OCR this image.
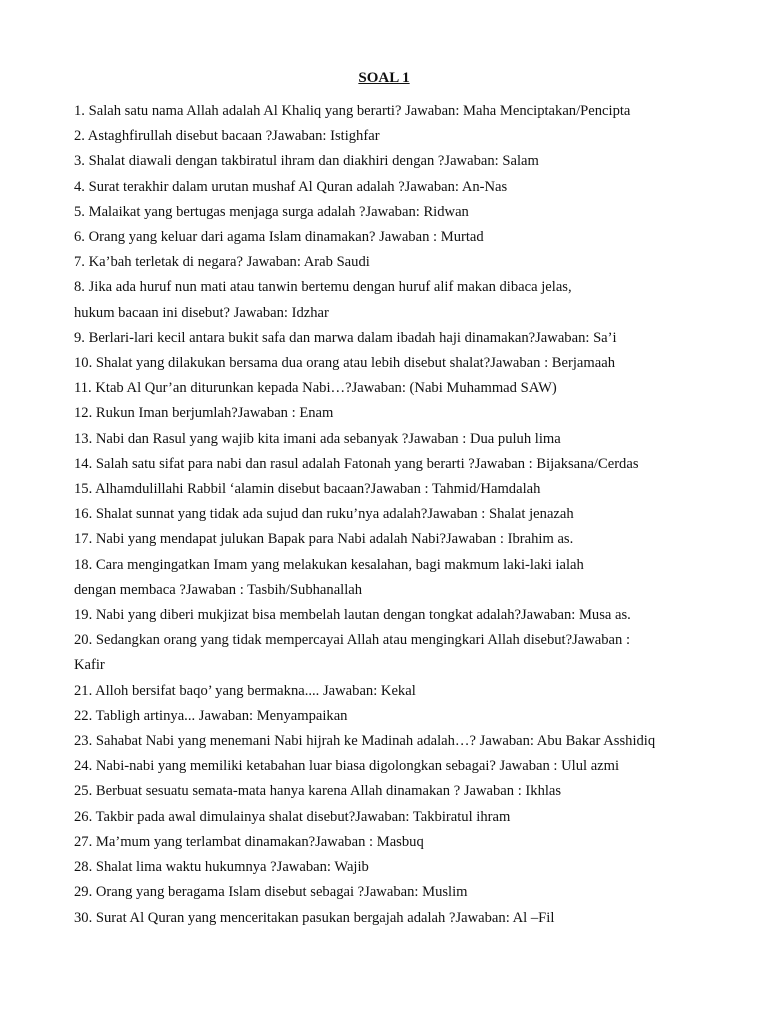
SOAL 1
1. Salah satu nama Allah adalah Al Khaliq yang berarti? Jawaban: Maha Menciptakan/Pencipta
2. Astaghfirullah disebut bacaan ?Jawaban: Istighfar
3. Shalat diawali dengan takbiratul ihram dan diakhiri dengan ?Jawaban: Salam
4. Surat terakhir dalam urutan mushaf Al Quran adalah ?Jawaban: An-Nas
5. Malaikat yang bertugas menjaga surga adalah ?Jawaban: Ridwan
6. Orang yang keluar dari agama Islam dinamakan? Jawaban : Murtad
7. Ka’bah terletak di negara? Jawaban: Arab Saudi
8. Jika ada huruf nun mati atau tanwin bertemu dengan huruf alif makan dibaca jelas,
hukum bacaan ini disebut? Jawaban: Idzhar
9. Berlari-lari kecil antara bukit safa dan marwa dalam ibadah haji dinamakan?Jawaban: Sa’i
10. Shalat yang dilakukan bersama dua orang atau lebih disebut shalat?Jawaban : Berjamaah
11. Ktab Al Qur’an diturunkan kepada Nabi…?Jawaban: (Nabi Muhammad SAW)
12. Rukun Iman berjumlah?Jawaban : Enam
13. Nabi dan Rasul yang wajib kita imani ada sebanyak ?Jawaban : Dua puluh lima
14. Salah satu sifat para nabi dan rasul adalah Fatonah yang berarti ?Jawaban : Bijaksana/Cerdas
15. Alhamdulillahi Rabbil ‘alamin disebut bacaan?Jawaban : Tahmid/Hamdalah
16. Shalat sunnat yang tidak ada sujud dan ruku’nya adalah?Jawaban : Shalat jenazah
17. Nabi yang mendapat julukan Bapak para Nabi adalah Nabi?Jawaban : Ibrahim as.
18. Cara mengingatkan Imam yang melakukan kesalahan, bagi makmum laki-laki ialah
dengan membaca ?Jawaban : Tasbih/Subhanallah
19. Nabi yang diberi mukjizat bisa membelah lautan dengan tongkat adalah?Jawaban: Musa as.
20. Sedangkan orang yang tidak mempercayai Allah atau mengingkari Allah disebut?Jawaban :
Kafir
21. Alloh bersifat baqo’ yang bermakna.... Jawaban: Kekal
22. Tabligh artinya... Jawaban: Menyampaikan
23. Sahabat Nabi yang menemani Nabi hijrah ke Madinah adalah…? Jawaban: Abu Bakar Asshidiq
24. Nabi-nabi yang memiliki ketabahan luar biasa digolongkan sebagai? Jawaban : Ulul azmi
25. Berbuat sesuatu semata-mata hanya karena Allah dinamakan ? Jawaban : Ikhlas
26. Takbir pada awal dimulainya shalat disebut?Jawaban: Takbiratul ihram
27. Ma’mum yang terlambat dinamakan?Jawaban : Masbuq
28. Shalat lima waktu hukumnya ?Jawaban: Wajib
29. Orang yang beragama Islam disebut sebagai ?Jawaban: Muslim
30. Surat Al Quran yang menceritakan pasukan bergajah adalah ?Jawaban: Al –Fil
